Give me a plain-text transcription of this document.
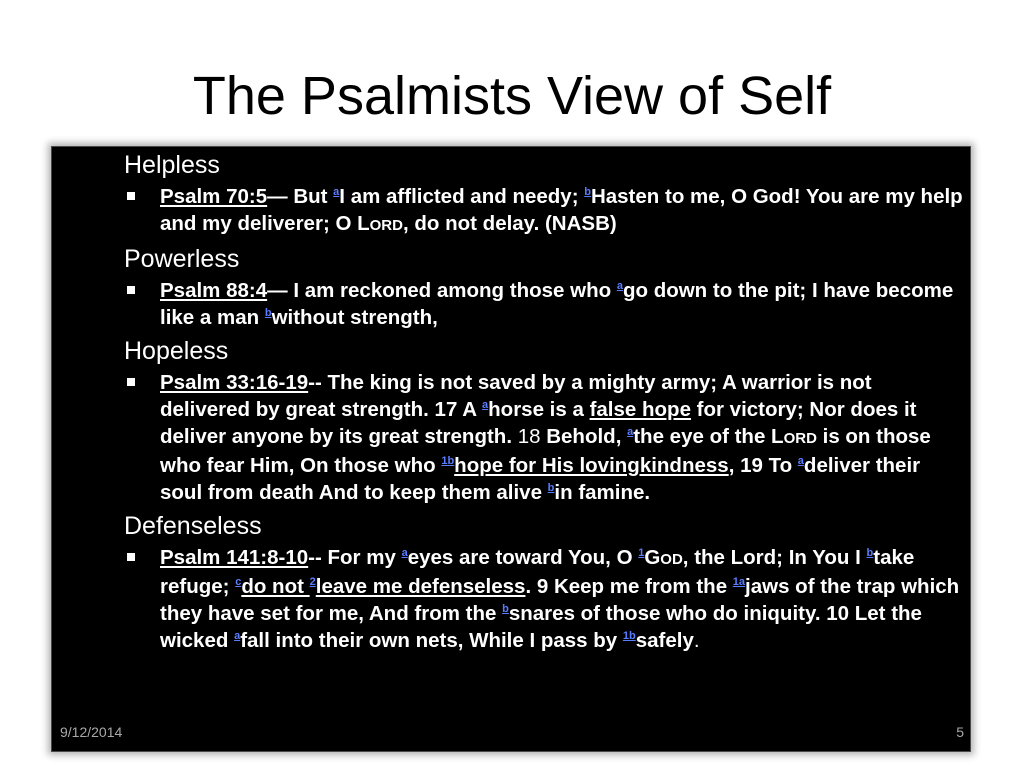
The Psalmists View of Self
Helpless
Psalm 70:5— But $^a$I am afflicted and needy; $^b$Hasten to me, O God! You are my help and my deliverer; O LORD, do not delay. (NASB)
Powerless
Psalm 88:4— I am reckoned among those who $^a$go down to the pit; I have become like a man $^b$without strength,
Hopeless
Psalm 33:16-19-- The king is not saved by a mighty army; A warrior is not delivered by great strength. 17 A $^a$horse is a false hope for victory; Nor does it deliver anyone by its great strength. 18 Behold, $^a$the eye of the LORD is on those who fear Him, On those who $^{1b}$hope for His lovingkindness, 19 To $^a$deliver their soul from death And to keep them alive $^b$in famine.
Defenseless
Psalm 141:8-10-- For my $^a$eyes are toward You, O $^1$GOD, the Lord; In You I $^b$take refuge; $^c$do not $^2$leave me defenseless. 9 Keep me from the $^{1a}$jaws of the trap which they have set for me, And from the $^b$snares of those who do iniquity. 10 Let the wicked $^a$fall into their own nets, While I pass by $^{1b}$safely.
9/12/2014	5
